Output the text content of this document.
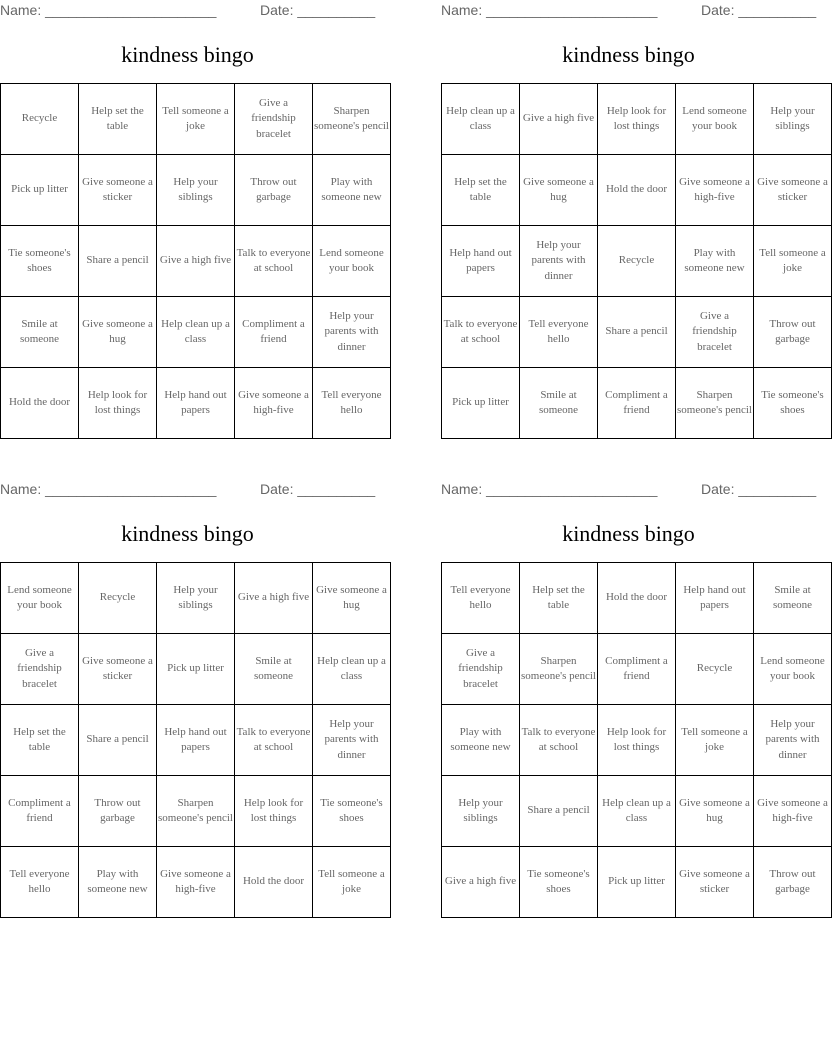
Name: ______________________	Date: __________
kindness bingo
Recycle	Help set the table	Tell someone a joke	Give a friendship bracelet	Sharpen someone's pencil
Pick up litter	Give someone a sticker	Help your siblings	Throw out garbage	Play with someone new
Tie someone's shoes	Share a pencil	Give a high five	Talk to everyone at school	Lend someone your book
Smile at someone	Give someone a hug	Help clean up a class	Compliment a friend	Help your parents with dinner
Hold the door	Help look for lost things	Help hand out papers	Give someone a high-five	Tell everyone hello
Name: ______________________	Date: __________
kindness bingo
Help clean up a class	Give a high five	Help look for lost things	Lend someone your book	Help your siblings
Help set the table	Give someone a hug	Hold the door	Give someone a high-five	Give someone a sticker
Help hand out papers	Help your parents with dinner	Recycle	Play with someone new	Tell someone a joke
Talk to everyone at school	Tell everyone hello	Share a pencil	Give a friendship bracelet	Throw out garbage
Pick up litter	Smile at someone	Compliment a friend	Sharpen someone's pencil	Tie someone's shoes
Name: ______________________	Date: __________
kindness bingo
Lend someone your book	Recycle	Help your siblings	Give a high five	Give someone a hug
Give a friendship bracelet	Give someone a sticker	Pick up litter	Smile at someone	Help clean up a class
Help set the table	Share a pencil	Help hand out papers	Talk to everyone at school	Help your parents with dinner
Compliment a friend	Throw out garbage	Sharpen someone's pencil	Help look for lost things	Tie someone's shoes
Tell everyone hello	Play with someone new	Give someone a high-five	Hold the door	Tell someone a joke
Name: ______________________	Date: __________
kindness bingo
Tell everyone hello	Help set the table	Hold the door	Help hand out papers	Smile at someone
Give a friendship bracelet	Sharpen someone's pencil	Compliment a friend	Recycle	Lend someone your book
Play with someone new	Talk to everyone at school	Help look for lost things	Tell someone a joke	Help your parents with dinner
Help your siblings	Share a pencil	Help clean up a class	Give someone a hug	Give someone a high-five
Give a high five	Tie someone's shoes	Pick up litter	Give someone a sticker	Throw out garbage
